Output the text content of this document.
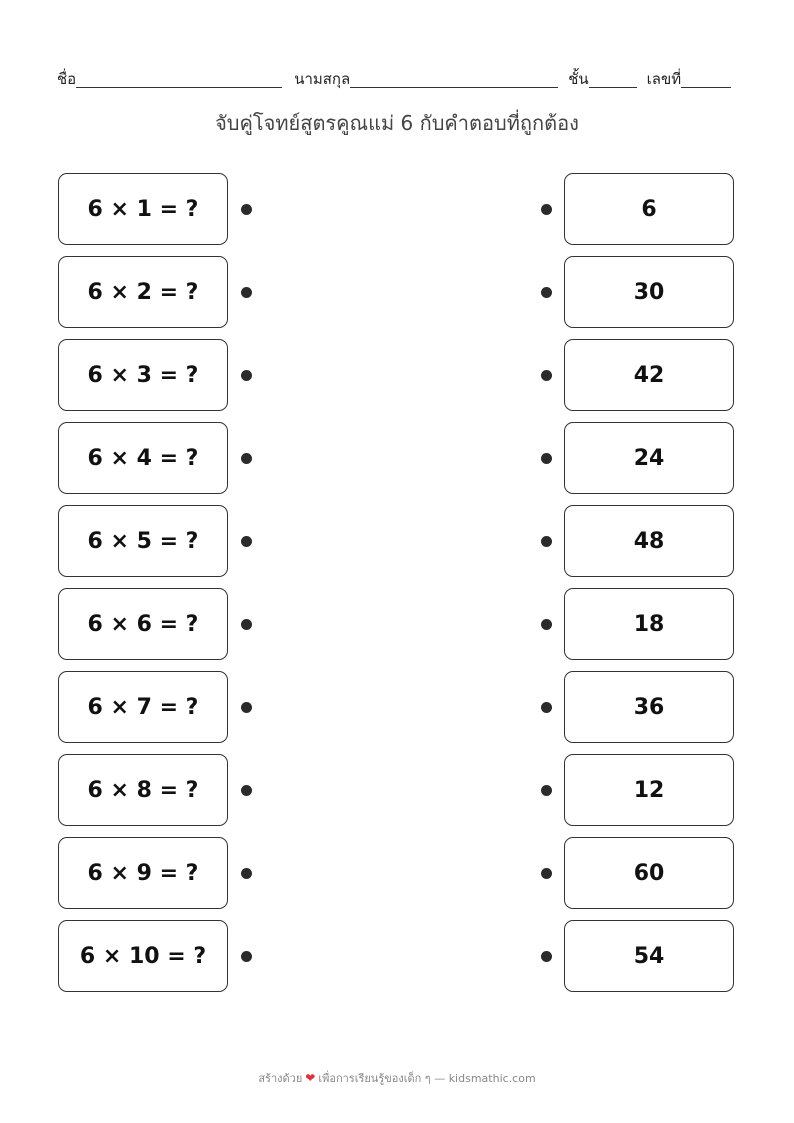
ชื่อ	นามสกุล	ชั้น	เลขที่
จับคู่โจทย์สูตรคูณแม่ 6 กับคำตอบที่ถูกต้อง
6 × 1 = ?	6
6 × 2 = ?	30
6 × 3 = ?	42
6 × 4 = ?	24
6 × 5 = ?	48
6 × 6 = ?	18
6 × 7 = ?	36
6 × 8 = ?	12
6 × 9 = ?	60
6 × 10 = ?	54
สร้างด้วย ❤ เพื่อการเรียนรู้ของเด็ก ๆ — kidsmathic.com
